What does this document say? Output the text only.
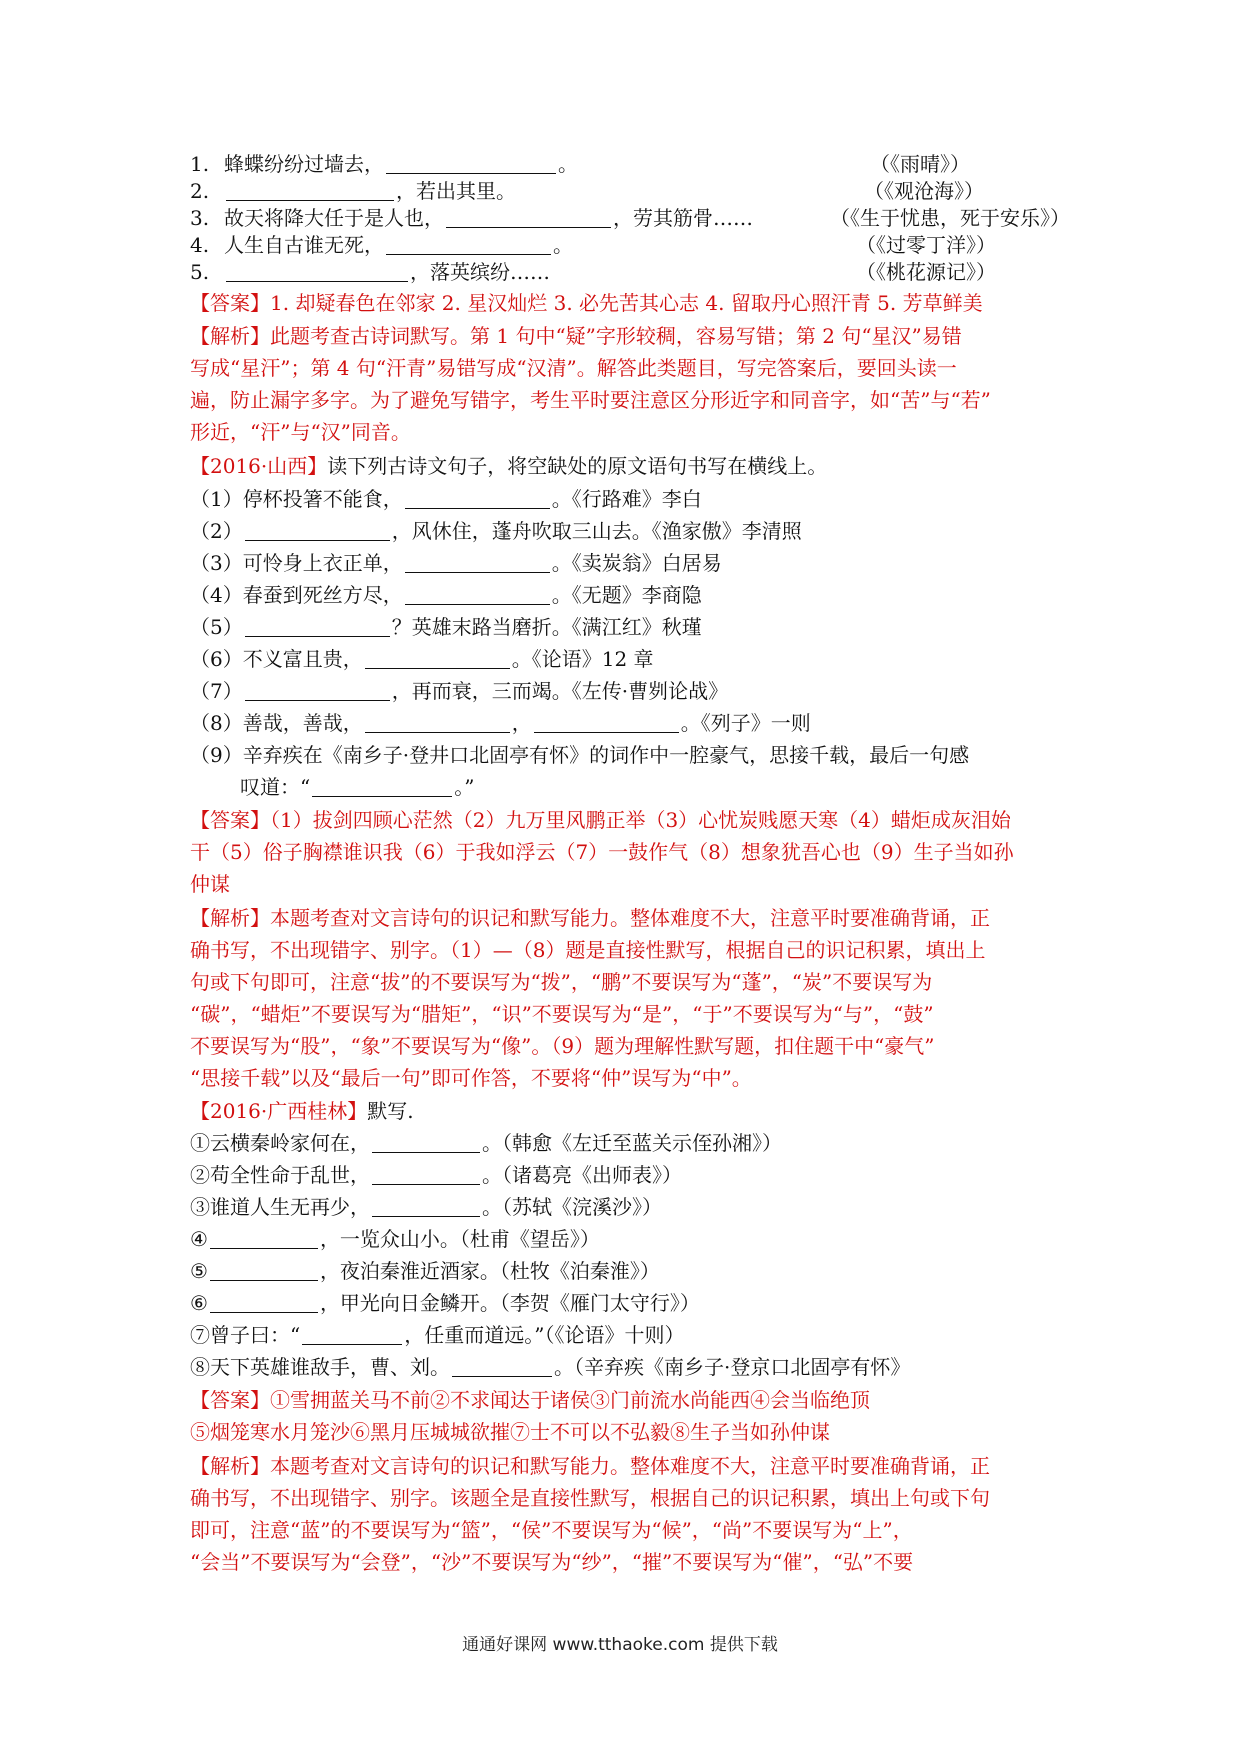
1. 蜂蝶纷纷过墙去，	。	（《雨晴》）
2.	，若出其里。	（《观沧海》）
3. 故天将降大任于是人也，	，劳其筋骨……	（《生于忧患，死于安乐》）
4. 人生自古谁无死，	。	（《过零丁洋》）
5.	，落英缤纷……	（《桃花源记》）
【答案】1. 却疑春色在邻家 2. 星汉灿烂 3. 必先苦其心志 4. 留取丹心照汗青 5. 芳草鲜美
【解析】此题考查古诗词默写。第 1 句中“疑”字形较稠，容易写错；第 2 句“星汉”易错
写成“星汗”；第 4 句“汗青”易错写成“汉清”。解答此类题目，写完答案后，要回头读一
遍，防止漏字多字。为了避免写错字，考生平时要注意区分形近字和同音字，如“苦”与“若”
形近，“汗”与“汉”同音。
【2016·山西】读下列古诗文句子，将空缺处的原文语句书写在横线上。
（1）停杯投箸不能食，	。《行路难》李白
（2）	，风休住，蓬舟吹取三山去。《渔家傲》李清照
（3）可怜身上衣正单，	。《卖炭翁》白居易
（4）春蚕到死丝方尽，	。《无题》李商隐
（5）	？英雄末路当磨折。《满江红》秋瑾
（6）不义富且贵，	。《论语》12 章
（7）	，再而衰，三而竭。《左传·曹刿论战》
（8）善哉，善哉，	，	。《列子》一则
（9）辛弃疾在《南乡子·登井口北固亭有怀》的词作中一腔豪气，思接千载，最后一句感
叹道：“	。”
【答案】（1）拔剑四顾心茫然（2）九万里风鹏正举（3）心忧炭贱愿天寒（4）蜡炬成灰泪始
干（5）俗子胸襟谁识我（6）于我如浮云（7）一鼓作气（8）想象犹吾心也（9）生子当如孙
仲谋
【解析】本题考查对文言诗句的识记和默写能力。整体难度不大，注意平时要准确背诵，正
确书写，不出现错字、别字。（1）—（8）题是直接性默写，根据自己的识记积累，填出上
句或下句即可，注意“拔”的不要误写为“拨”，“鹏”不要误写为“蓬”，“炭”不要误写为
“碳”，“蜡炬”不要误写为“腊矩”，“识”不要误写为“是”，“于”不要误写为“与”，“鼓”
不要误写为“股”，“象”不要误写为“像”。（9）题为理解性默写题，扣住题干中“豪气”
“思接千载”以及“最后一句”即可作答，不要将“仲”误写为“中”。
【2016·广西桂林】默写.
①云横秦岭家何在，	。（韩愈《左迁至蓝关示侄孙湘》）
②苟全性命于乱世，	。（诸葛亮《出师表》）
③谁道人生无再少，	。（苏轼《浣溪沙》）
④	，一览众山小。（杜甫《望岳》）
⑤	，夜泊秦淮近酒家。（杜牧《泊秦淮》）
⑥	，甲光向日金鳞开。（李贺《雁门太守行》）
⑦曾子曰：“	，任重而道远。”（《论语》十则）
⑧天下英雄谁敌手，曹、刘。	。（辛弃疾《南乡子·登京口北固亭有怀》
【答案】①雪拥蓝关马不前②不求闻达于诸侯③门前流水尚能西④会当临绝顶
⑤烟笼寒水月笼沙⑥黑月压城城欲摧⑦士不可以不弘毅⑧生子当如孙仲谋
【解析】本题考查对文言诗句的识记和默写能力。整体难度不大，注意平时要准确背诵，正
确书写，不出现错字、别字。该题全是直接性默写，根据自己的识记积累，填出上句或下句
即可，注意“蓝”的不要误写为“篮”，“侯”不要误写为“候”，“尚”不要误写为“上”，
“会当”不要误写为“会登”，“沙”不要误写为“纱”，“摧”不要误写为“催”，“弘”不要
通通好课网 www.tthaoke.com 提供下载
